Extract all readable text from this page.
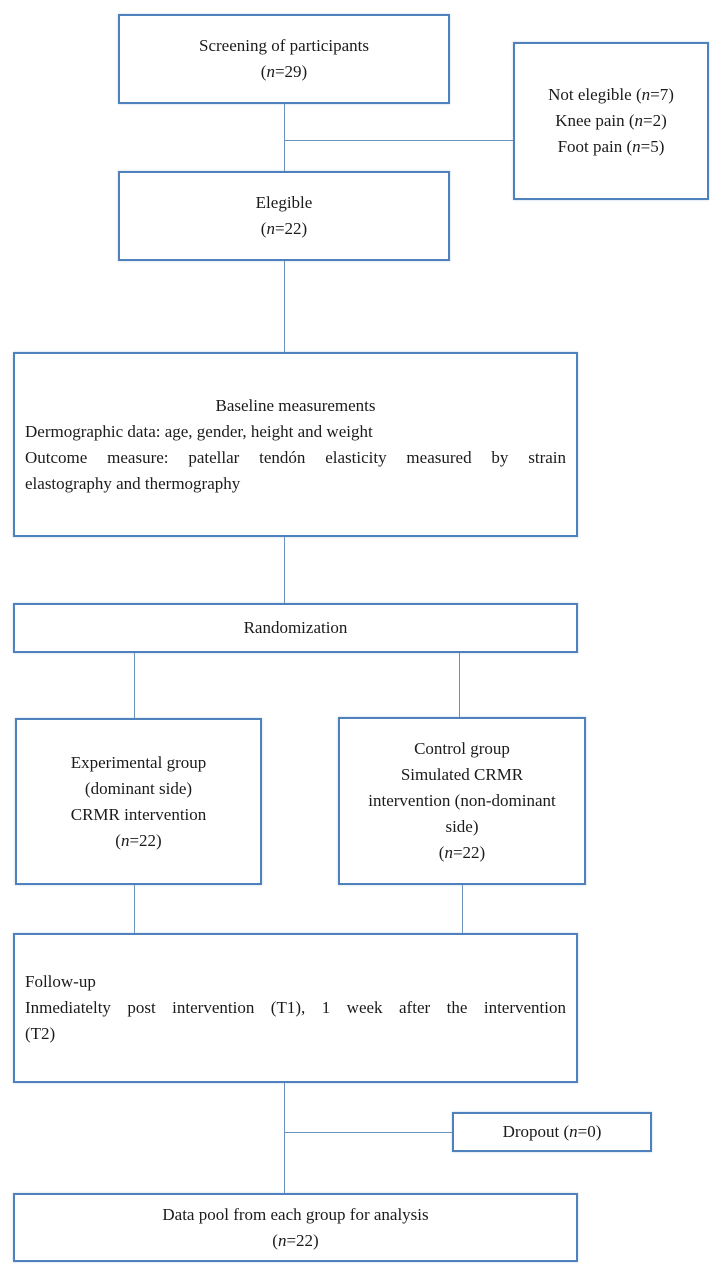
Screening of participants
(n=29)
Not elegible (n=7)
Knee pain (n=2)
Foot pain (n=5)
Elegible
(n=22)
Baseline measurements
Dermographic data: age, gender, height and weight
Outcome measure: patellar tendón elasticity measured by strain
elastography and thermography
Randomization
Experimental group
(dominant side)
CRMR intervention
(n=22)
Control group
Simulated CRMR
intervention (non-dominant
side)
(n=22)
Follow-up
Inmediatelty post intervention (T1), 1 week after the intervention
(T2)
Dropout (n=0)
Data pool from each group for analysis
(n=22)
